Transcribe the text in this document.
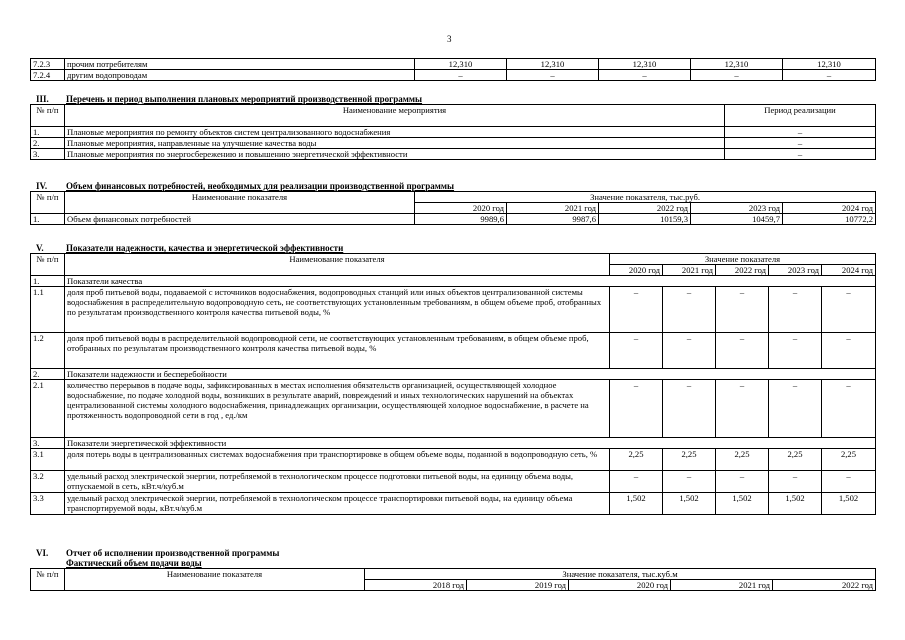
3
7.2.3	прочим потребителям	12,310	12,310	12,310	12,310	12,310
7.2.4	другим водопроводам	–	–	–	–	–
III. Перечень и период выполнения плановых мероприятий производственной программы
№ п/п	Наименование мероприятия	Период реализации
1.	Плановые мероприятия по ремонту объектов систем централизованного водоснабжения	–
2.	Плановые мероприятия, направленные на улучшение качества воды	–
3.	Плановые мероприятия по энергосбережению и повышению энергетической эффективности	–
IV. Объем финансовых потребностей, необходимых для реализации производственной программы
№ п/п	Наименование показателя	Значение показателя, тыс.руб.				
		2020 год	2021 год	2022 год	2023 год	2024 год
1.	Объем финансовых потребностей	9989,6	9987,6	10159,3	10459,7	10772,2
V. Показатели надежности, качества и энергетической эффективности
№ п/п	Наименование показателя	Значение показателя				
		2020 год	2021 год	2022 год	2023 год	2024 год
1.	Показатели качества					
1.1	доля проб питьевой воды, подаваемой с источников водоснабжения, водопроводных станций или иных объектов централизованной системы водоснабжения в распределительную водопроводную сеть, не соответствующих установленным требованиям, в общем объеме проб, отобранных по результатам производственного контроля качества питьевой воды, %	–	–	–	–	–
1.2	доля проб питьевой воды в распределительной водопроводной сети, не соответствующих установленным требованиям, в общем объеме проб, отобранных по результатам производственного контроля качества питьевой воды, %	–	–	–	–	–
2.	Показатели надежности и бесперебойности					
2.1	количество перерывов в подаче воды, зафиксированных в местах исполнения обязательств организацией, осуществляющей холодное водоснабжение, по подаче холодной воды, возникших в результате аварий, повреждений и иных технологических нарушений на объектах централизованной системы холодного водоснабжения, принадлежащих организации, осуществляющей холодное водоснабжение, в расчете на протяженность водопроводной сети в год , ед./км	–	–	–	–	–
3.	Показатели энергетической эффективности					
3.1	доля потерь воды в централизованных системах водоснабжения при транспортировке в общем объеме воды, поданной в водопроводную сеть, %	2,25	2,25	2,25	2,25	2,25
3.2	удельный расход электрической энергии, потребляемой в технологическом процессе подготовки питьевой воды, на единицу объема воды, отпускаемой в сеть, кВт.ч/куб.м	–	–	–	–	–
3.3	удельный расход электрической энергии, потребляемой в технологическом процессе транспортировки питьевой воды, на единицу объема транспортируемой воды, кВт.ч/куб.м	1,502	1,502	1,502	1,502	1,502
VI. Отчет об исполнении производственной программы
Фактический объем подачи воды
№ п/п	Наименование показателя	Значение показателя, тыс.куб.м				
		2018 год	2019 год	2020 год	2021 год	2022 год
